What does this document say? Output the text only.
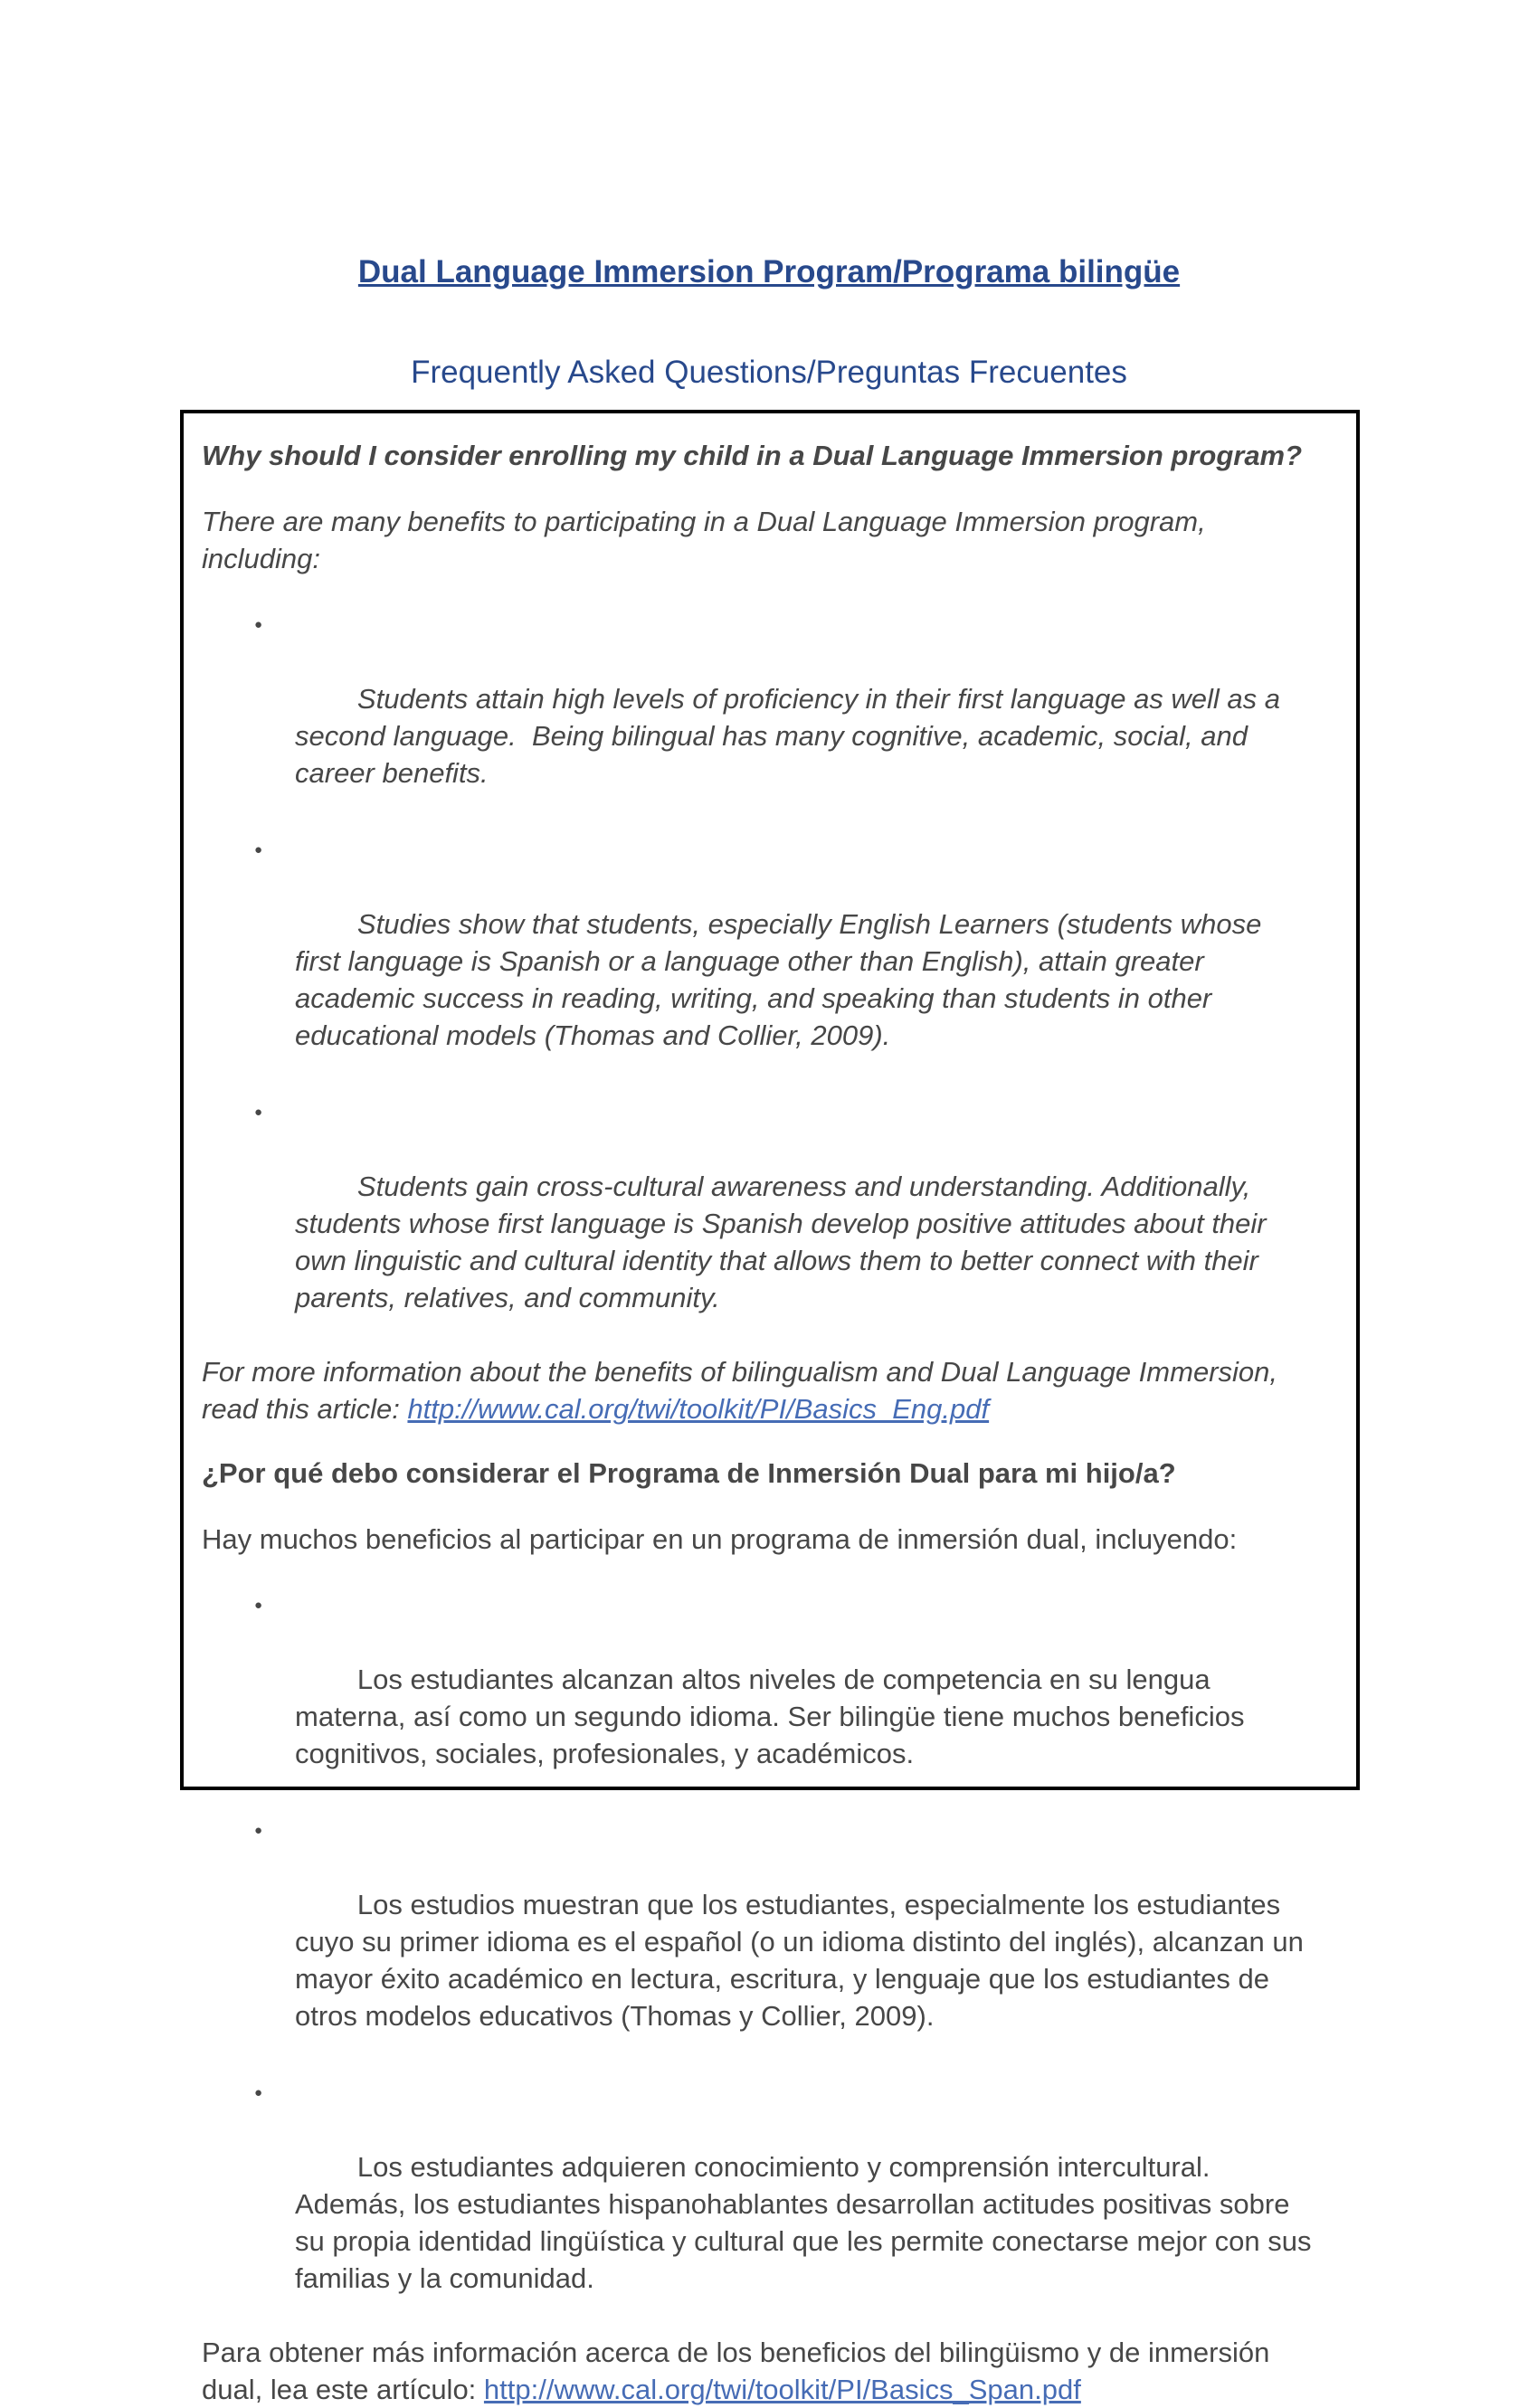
Dual Language Immersion Program/Programa bilingüe
Frequently Asked Questions/Preguntas Frecuentes

Why should I consider enrolling my child in a Dual Language Immersion program?

There are many benefits to participating in a Dual Language Immersion program, including:

●

Students attain high levels of proficiency in their first language as well as a second language.  Being bilingual has many cognitive, academic, social, and career benefits.

●

Studies show that students, especially English Learners (students whose first language is Spanish or a language other than English), attain greater academic success in reading, writing, and speaking than students in other educational models (Thomas and Collier, 2009).

●

Students gain cross-cultural awareness and understanding. Additionally, students whose first language is Spanish develop positive attitudes about their own linguistic and cultural identity that allows them to better connect with their parents, relatives, and community.

For more information about the benefits of bilingualism and Dual Language Immersion, read this article: http://www.cal.org/twi/toolkit/PI/Basics_Eng.pdf

¿Por qué debo considerar el Programa de Inmersión Dual para mi hijo/a?

Hay muchos beneficios al participar en un programa de inmersión dual, incluyendo:

●

Los estudiantes alcanzan altos niveles de competencia en su lengua materna, así como un segundo idioma. Ser bilingüe tiene muchos beneficios cognitivos, sociales, profesionales, y académicos.

●

Los estudios muestran que los estudiantes, especialmente los estudiantes cuyo su primer idioma es el español (o un idioma distinto del inglés), alcanzan un mayor éxito académico en lectura, escritura, y lenguaje que los estudiantes de otros modelos educativos (Thomas y Collier, 2009).

●

Los estudiantes adquieren conocimiento y comprensión intercultural. Además, los estudiantes hispanohablantes desarrollan actitudes positivas sobre su propia identidad lingüística y cultural que les permite conectarse mejor con sus familias y la comunidad.

Para obtener más información acerca de los beneficios del bilingüismo y de inmersión dual, lea este artículo: http://www.cal.org/twi/toolkit/PI/Basics_Span.pdf
